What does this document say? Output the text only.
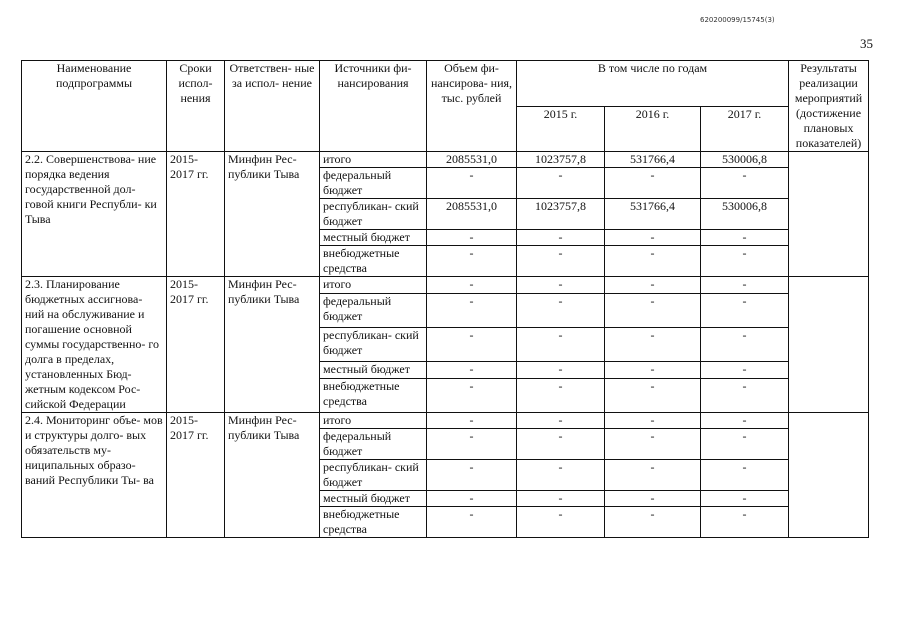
620200099/15745(3)
35
Наименование подпрограммы	Сроки испол- нения	Ответствен- ные за испол- нение	Источники фи- нансирования	Объем фи- нансирова- ния, тыс. рублей	В том числе по годам			Результаты реализации мероприятий (достижение плановых показателей)
					2015 г.	2016 г.	2017 г.	
2.2. Совершенствова- ние порядка ведения государственной дол- говой книги Республи- ки Тыва	2015- 2017 гг.	Минфин Рес- публики Тыва	итого	2085531,0	1023757,8	531766,4	530006,8	
			федеральный бюджет	-	-	-	-	
			республикан- ский бюджет	2085531,0	1023757,8	531766,4	530006,8	
			местный бюджет	-	-	-	-	
			внебюджетные средства	-	-	-	-	
2.3. Планирование бюджетных ассигнова- ний на обслуживание и погашение основной суммы государственно- го долга в пределах, установленных Бюд- жетным кодексом Рос- сийской Федерации	2015- 2017 гг.	Минфин Рес- публики Тыва	итого	-	-	-	-	
			федеральный бюджет	-	-	-	-	
			республикан- ский бюджет	-	-	-	-	
			местный бюджет	-	-	-	-	
			внебюджетные средства	-	-	-	-	
2.4. Мониторинг объе- мов и структуры долго- вых обязательств му- ниципальных образо- ваний Республики Ты- ва	2015- 2017 гг.	Минфин Рес- публики Тыва	итого	-	-	-	-	
			федеральный бюджет	-	-	-	-	
			республикан- ский бюджет	-	-	-	-	
			местный бюджет	-	-	-	-	
			внебюджетные средства	-	-	-	-	
